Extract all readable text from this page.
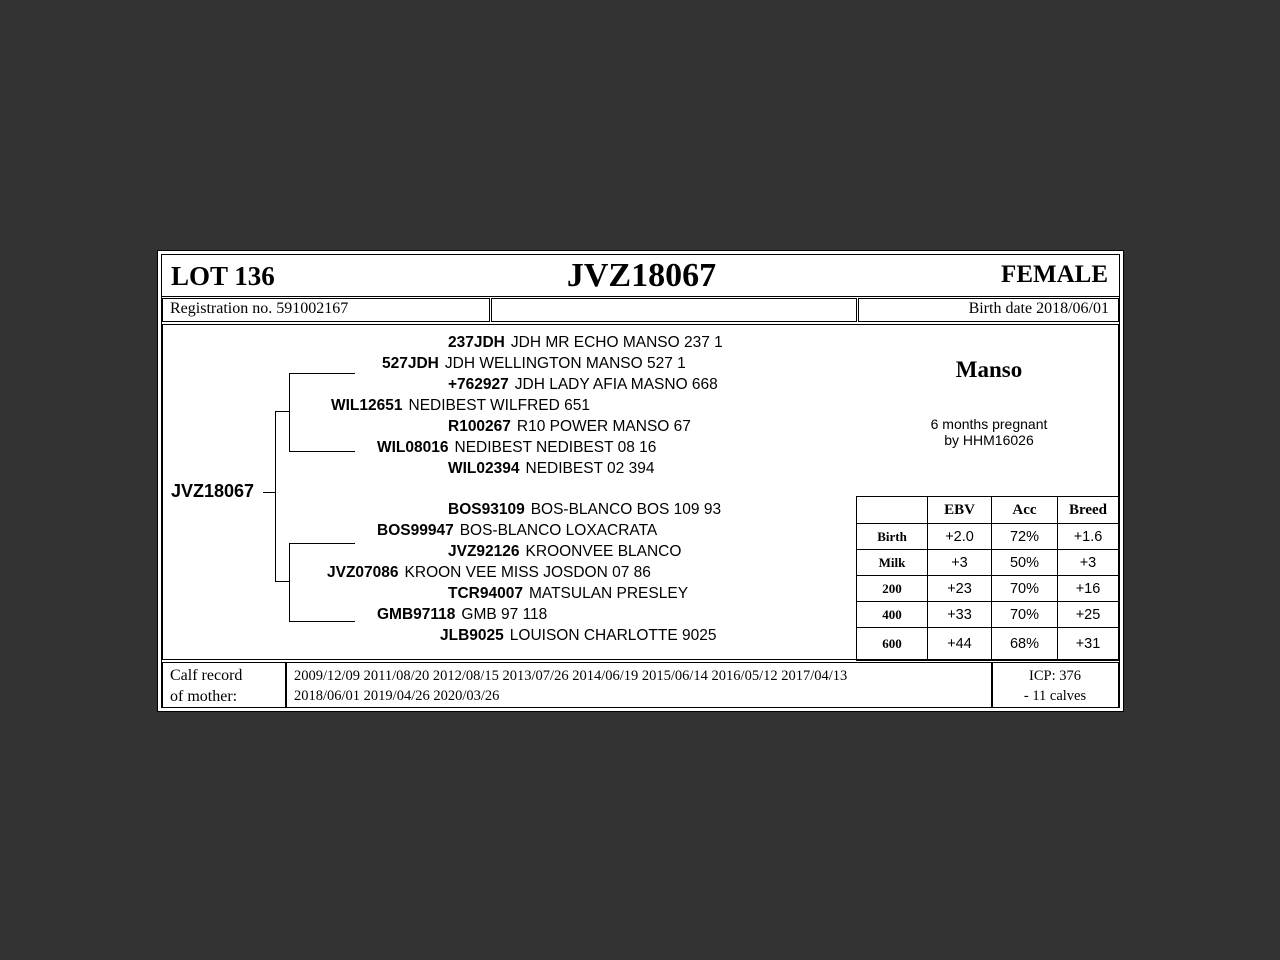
LOT 136	JVZ18067	FEMALE
Registration no. 591002167	Birth date 2018/06/01
JVZ18067
237JDH JDH MR ECHO MANSO 237 1
527JDH JDH WELLINGTON MANSO 527 1
+762927 JDH LADY AFIA MASNO 668
WIL12651 NEDIBEST WILFRED 651
R100267 R10 POWER MANSO 67
WIL08016 NEDIBEST NEDIBEST 08 16
WIL02394 NEDIBEST 02 394
BOS93109 BOS-BLANCO BOS 109 93
BOS99947 BOS-BLANCO LOXACRATA
JVZ92126 KROONVEE BLANCO
JVZ07086 KROON VEE MISS JOSDON 07 86
TCR94007 MATSULAN PRESLEY
GMB97118 GMB 97 118
JLB9025 LOUISON CHARLOTTE 9025
Manso
6 months pregnant
by HHM16026
	EBV	Acc	Breed
Birth	+2.0	72%	+1.6
Milk	+3	50%	+3
200	+23	70%	+16
400	+33	70%	+25
600	+44	68%	+31
Calf record
of mother:
2009/12/09 2011/08/20 2012/08/15 2013/07/26 2014/06/19 2015/06/14 2016/05/12 2017/04/13
2018/06/01 2019/04/26 2020/03/26
ICP: 376
- 11 calves
